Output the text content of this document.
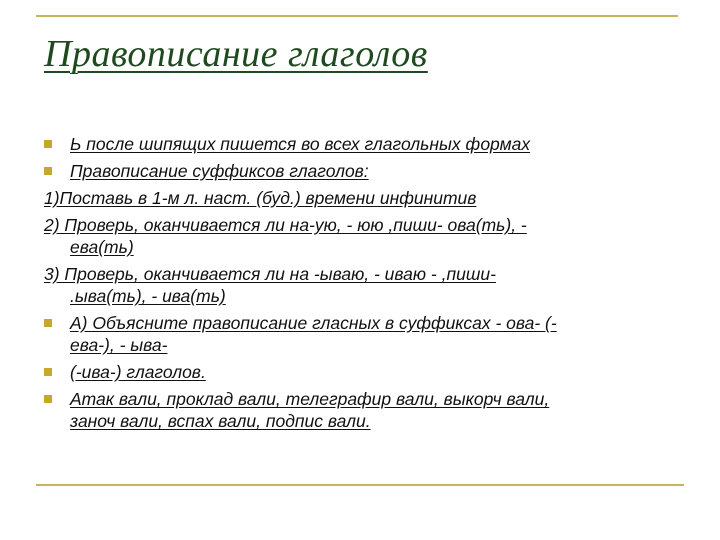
Правописание глаголов
Ь после шипящих пишется во всех глагольных формах
Правописание суффиксов глаголов:
1)Поставь в 1-м л. наст. (буд.) времени инфинитив
2) Проверь, оканчивается ли на-ую, - юю ,пиши- ова(ть), -
ева(ть)
3) Проверь, оканчивается ли на -ываю, - иваю - ,пиши-
.ыва(ть), - ива(ть)
А) Объясните правописание гласных в суффиксах - ова- (-
ева-), - ыва-
(-ива-) глаголов.
Атак вали, проклад вали, телеграфир вали, выкорч вали,
заноч вали, вспах вали, подпис вали.
